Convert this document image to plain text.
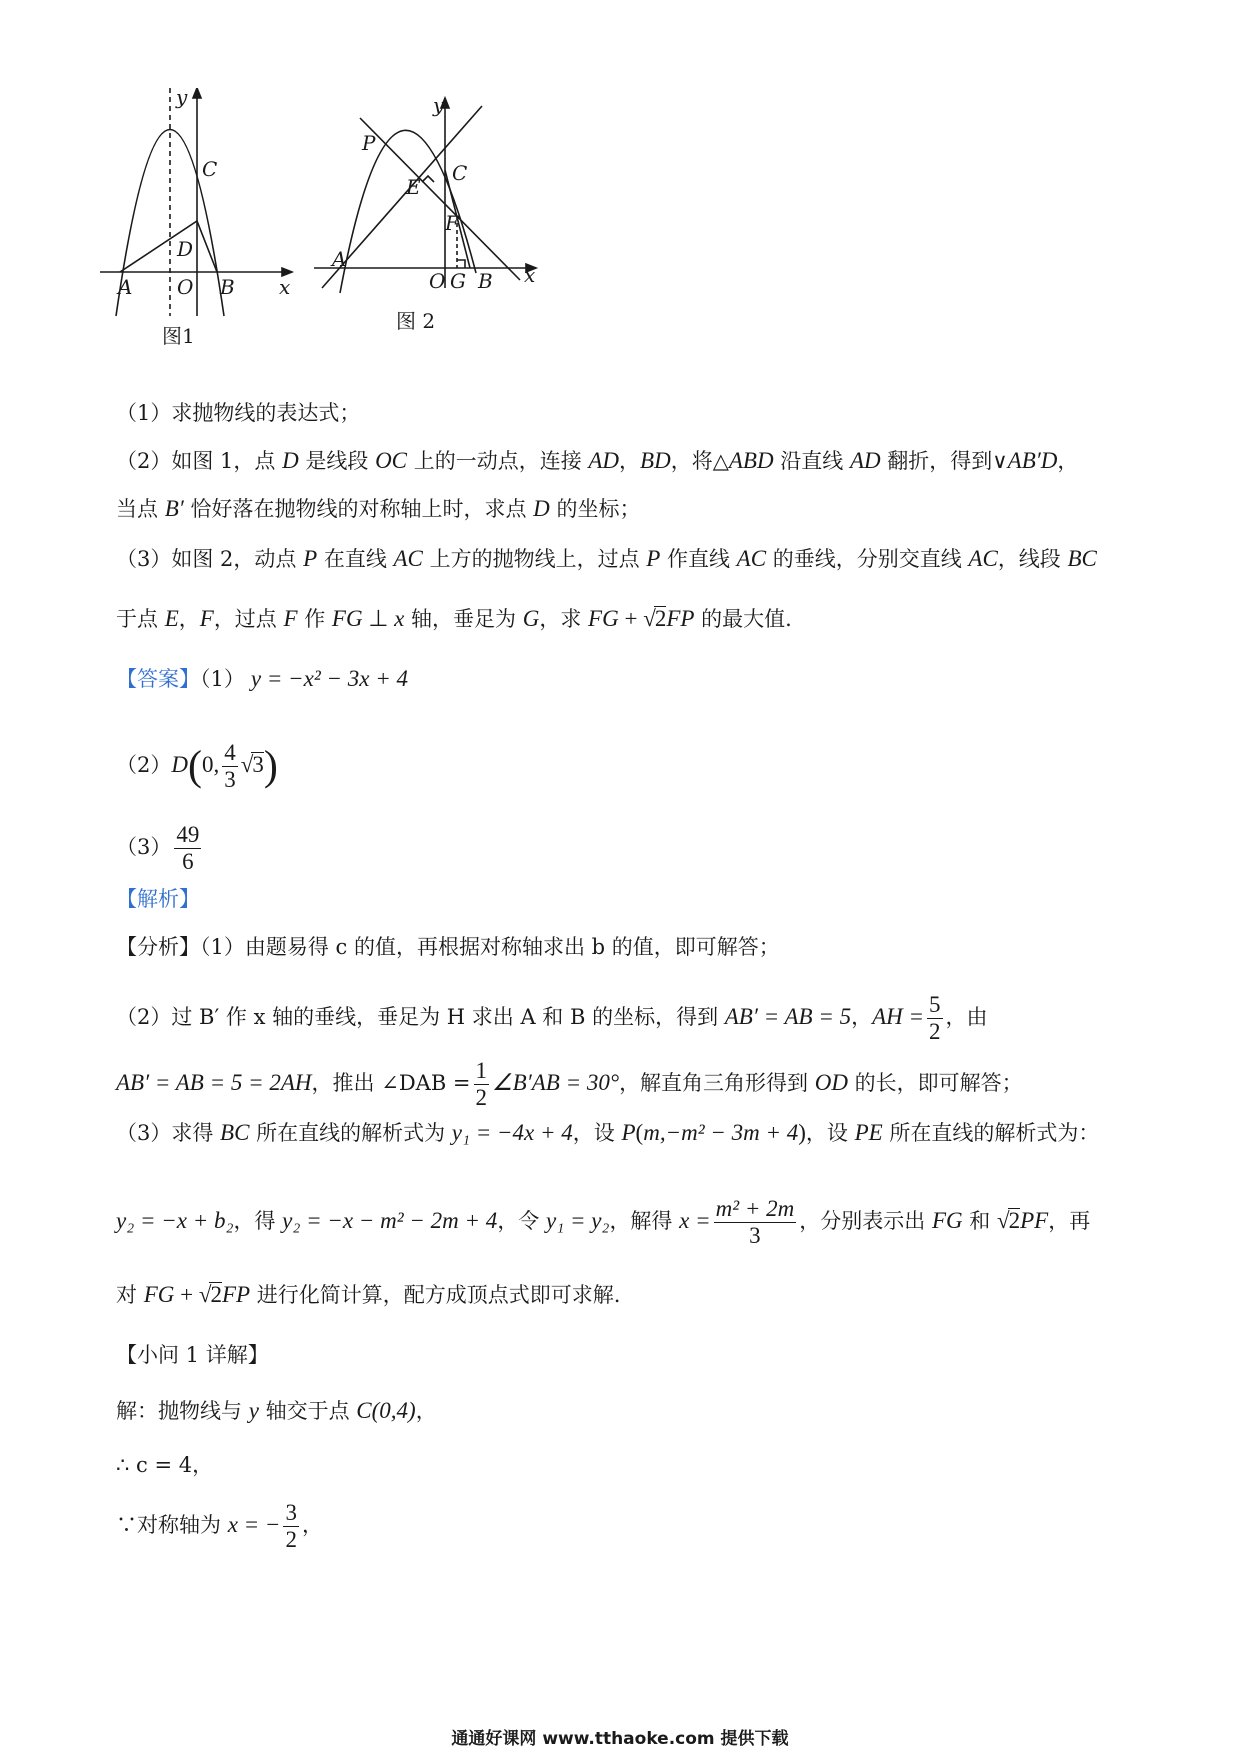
y
x
A O B
C
D
图1
y
x
A
O G B
C
P
E
F
图 2
（1）求抛物线的表达式；
（2）如图 1，点 D 是线段 OC 上的一动点，连接 AD，BD，将△ABD 沿直线 AD 翻折，得到∨AB′D，
当点 B′ 恰好落在抛物线的对称轴上时，求点 D 的坐标；
（3）如图 2，动点 P 在直线 AC 上方的抛物线上，过点 P 作直线 AC 的垂线，分别交直线 AC，线段 BC
于点 E，F，过点 F 作 FG ⊥ x 轴，垂足为 G，求 FG + √2FP 的最大值.
【答案】（1） y = −x² − 3x + 4
（2）D(0, $\frac{4}{3} √3$)
$(3) \frac{49}{6}$
【解析】
【分析】（1）由题易得 c 的值，再根据对称轴求出 b 的值，即可解答；
（2）过 B′ 作 x 轴的垂线，垂足为 H 求出 A 和 B 的坐标，得到 AB′ = AB = 5，AH = $\frac{5}{2}$ ，由
AB′ = AB = 5 = 2AH，推出 ∠DAB = $\frac{1}{2}$ ∠B′AB = 30°，解直角三角形得到 OD 的长，即可解答；
（3）求得 BC 所在直线的解析式为 y₁ = −4x + 4，设 P(m,−m² − 3m + 4)，设 PE 所在直线的解析式为：
y₂ = −x + b₂，得 y₂ = −x − m² − 2m + 4，令 y₁ = y₂，解得 $x = \frac{\text{m² + 2m}}{3}$ ，分别表示出 FG 和 √2PF，再
对 FG + √2FP 进行化简计算，配方成顶点式即可求解.
【小问 1 详解】
解：抛物线与 y 轴交于点 C(0,4)，
∴ c = 4，
∵对称轴为 x = − $\frac{3}{2}$ ，
通通好课网 www.tthaoke.com 提供下载
